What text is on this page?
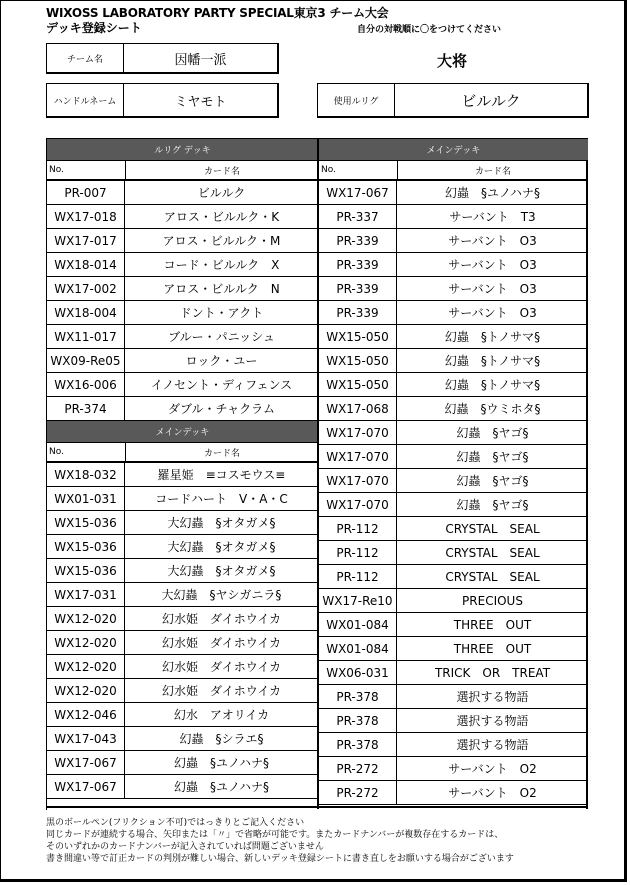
WIXOSS LABORATORY PARTY SPECIAL東京3 チーム大会
デッキ登録シート	自分の対戦順に〇をつけてください
チーム名	因幡一派	大将
ハンドルネーム	ミヤモト	使用ルリグ	ビルルク
ルリグ デッキ
No.	カード名
PR-007	ビルルク
WX17-018	アロス・ビルルク・K
WX17-017	アロス・ビルルク・M
WX18-014	コード・ビルルク　X
WX17-002	アロス・ビルルク　N
WX18-004	ドント・アクト
WX11-017	ブルー・パニッシュ
WX09-Re05	ロック・ユー
WX16-006	イノセント・ディフェンス
PR-374	ダブル・チャクラム
メインデッキ
No.	カード名
WX18-032	羅星姫　≡コスモウス≡
WX01-031	コードハート　V・A・C
WX15-036	大幻蟲　§オタガメ§
WX15-036	大幻蟲　§オタガメ§
WX15-036	大幻蟲　§オタガメ§
WX17-031	大幻蟲　§ヤシガニラ§
WX12-020	幻水姫　ダイホウイカ
WX12-020	幻水姫　ダイホウイカ
WX12-020	幻水姫　ダイホウイカ
WX12-020	幻水姫　ダイホウイカ
WX12-046	幻水　アオリイカ
WX17-043	幻蟲　§シラエ§
WX17-067	幻蟲　§ユノハナ§
WX17-067	幻蟲　§ユノハナ§
メインデッキ
No.	カード名
WX17-067	幻蟲　§ユノハナ§
PR-337	サーバント　T3
PR-339	サーバント　O3
PR-339	サーバント　O3
PR-339	サーバント　O3
PR-339	サーバント　O3
WX15-050	幻蟲　§トノサマ§
WX15-050	幻蟲　§トノサマ§
WX15-050	幻蟲　§トノサマ§
WX17-068	幻蟲　§ウミホタ§
WX17-070	幻蟲　§ヤゴ§
WX17-070	幻蟲　§ヤゴ§
WX17-070	幻蟲　§ヤゴ§
WX17-070	幻蟲　§ヤゴ§
PR-112	CRYSTAL　SEAL
PR-112	CRYSTAL　SEAL
PR-112	CRYSTAL　SEAL
WX17-Re10	PRECIOUS
WX01-084	THREE　OUT
WX01-084	THREE　OUT
WX06-031	TRICK　OR　TREAT
PR-378	選択する物語
PR-378	選択する物語
PR-378	選択する物語
PR-272	サーバント　O2
PR-272	サーバント　O2
黒のボールペン(フリクション不可)ではっきりとご記入ください
同じカードが連続する場合、矢印または「〃」で省略が可能です。またカードナンバーが複数存在するカードは、
そのいずれかのカードナンバーが記入されていれば問題ございません
書き間違い等で訂正カードの判別が難しい場合、新しいデッキ登録シートに書き直しをお願いする場合がございます
